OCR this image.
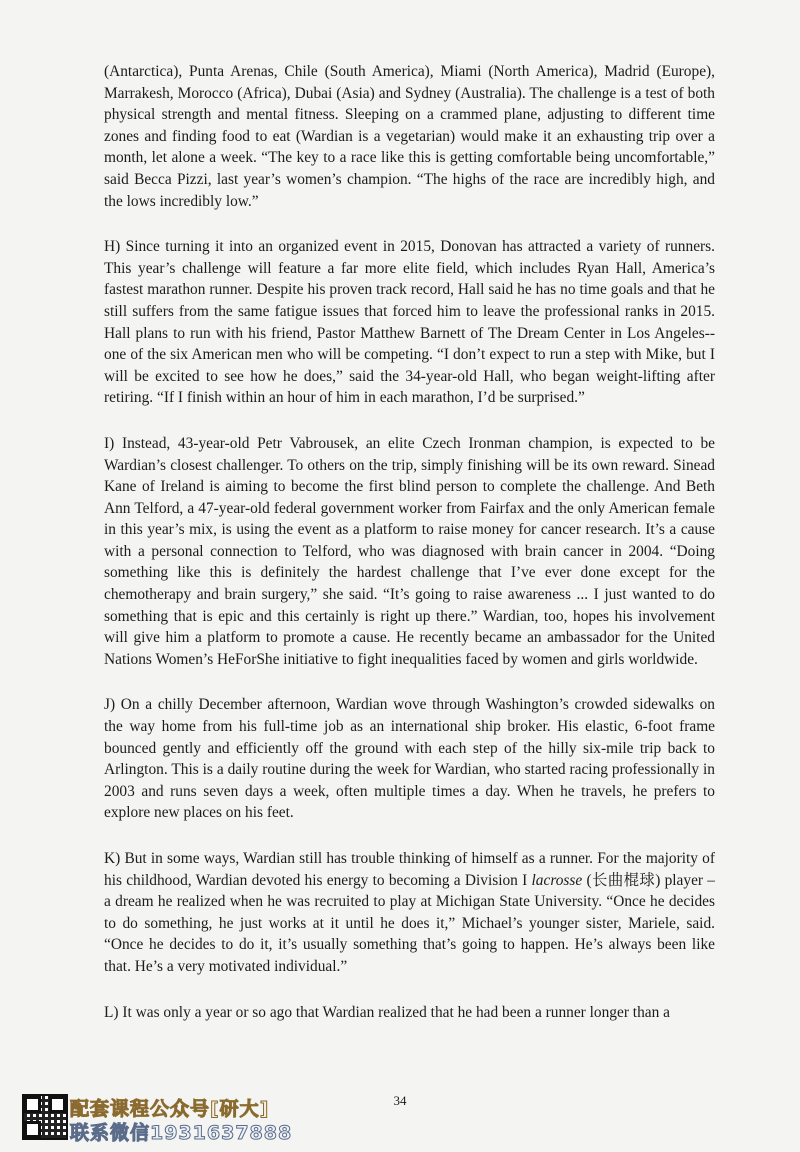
(Antarctica), Punta Arenas, Chile (South America), Miami (North America), Madrid (Europe), Marrakesh, Morocco (Africa), Dubai (Asia) and Sydney (Australia). The challenge is a test of both physical strength and mental fitness. Sleeping on a crammed plane, adjusting to different time zones and finding food to eat (Wardian is a vegetarian) would make it an exhausting trip over a month, let alone a week. “The key to a race like this is getting comfortable being uncomfortable,” said Becca Pizzi, last year’s women’s champion. “The highs of the race are incredibly high, and the lows incredibly low.”

H) Since turning it into an organized event in 2015, Donovan has attracted a variety of runners. This year’s challenge will feature a far more elite field, which includes Ryan Hall, America’s fastest marathon runner. Despite his proven track record, Hall said he has no time goals and that he still suffers from the same fatigue issues that forced him to leave the professional ranks in 2015. Hall plans to run with his friend, Pastor Matthew Barnett of The Dream Center in Los Angeles-- one of the six American men who will be competing. “I don’t expect to run a step with Mike, but I will be excited to see how he does,” said the 34-year-old Hall, who began weight-lifting after retiring. “If I finish within an hour of him in each marathon, I’d be surprised.”

I) Instead, 43-year-old Petr Vabrousek, an elite Czech Ironman champion, is expected to be Wardian’s closest challenger. To others on the trip, simply finishing will be its own reward. Sinead Kane of Ireland is aiming to become the first blind person to complete the challenge. And Beth Ann Telford, a 47-year-old federal government worker from Fairfax and the only American female in this year’s mix, is using the event as a platform to raise money for cancer research. It’s a cause with a personal connection to Telford, who was diagnosed with brain cancer in 2004. “Doing something like this is definitely the hardest challenge that I’ve ever done except for the chemotherapy and brain surgery,” she said. “It’s going to raise awareness ... I just wanted to do something that is epic and this certainly is right up there.” Wardian, too, hopes his involvement will give him a platform to promote a cause. He recently became an ambassador for the United Nations Women’s HeForShe initiative to fight inequalities faced by women and girls worldwide.

J) On a chilly December afternoon, Wardian wove through Washington’s crowded sidewalks on the way home from his full-time job as an international ship broker. His elastic, 6-foot frame bounced gently and efficiently off the ground with each step of the hilly six-mile trip back to Arlington. This is a daily routine during the week for Wardian, who started racing professionally in 2003 and runs seven days a week, often multiple times a day. When he travels, he prefers to explore new places on his feet.

K) But in some ways, Wardian still has trouble thinking of himself as a runner. For the majority of his childhood, Wardian devoted his energy to becoming a Division I lacrosse (长曲棍球) player – a dream he realized when he was recruited to play at Michigan State University. “Once he decides to do something, he just works at it until he does it,” Michael’s younger sister, Mariele, said. “Once he decides to do it, it’s usually something that’s going to happen. He’s always been like that. He’s a very motivated individual.”

L) It was only a year or so ago that Wardian realized that he had been a runner longer than a

34
配套课程公众号[研大]
联系微信1931637888
